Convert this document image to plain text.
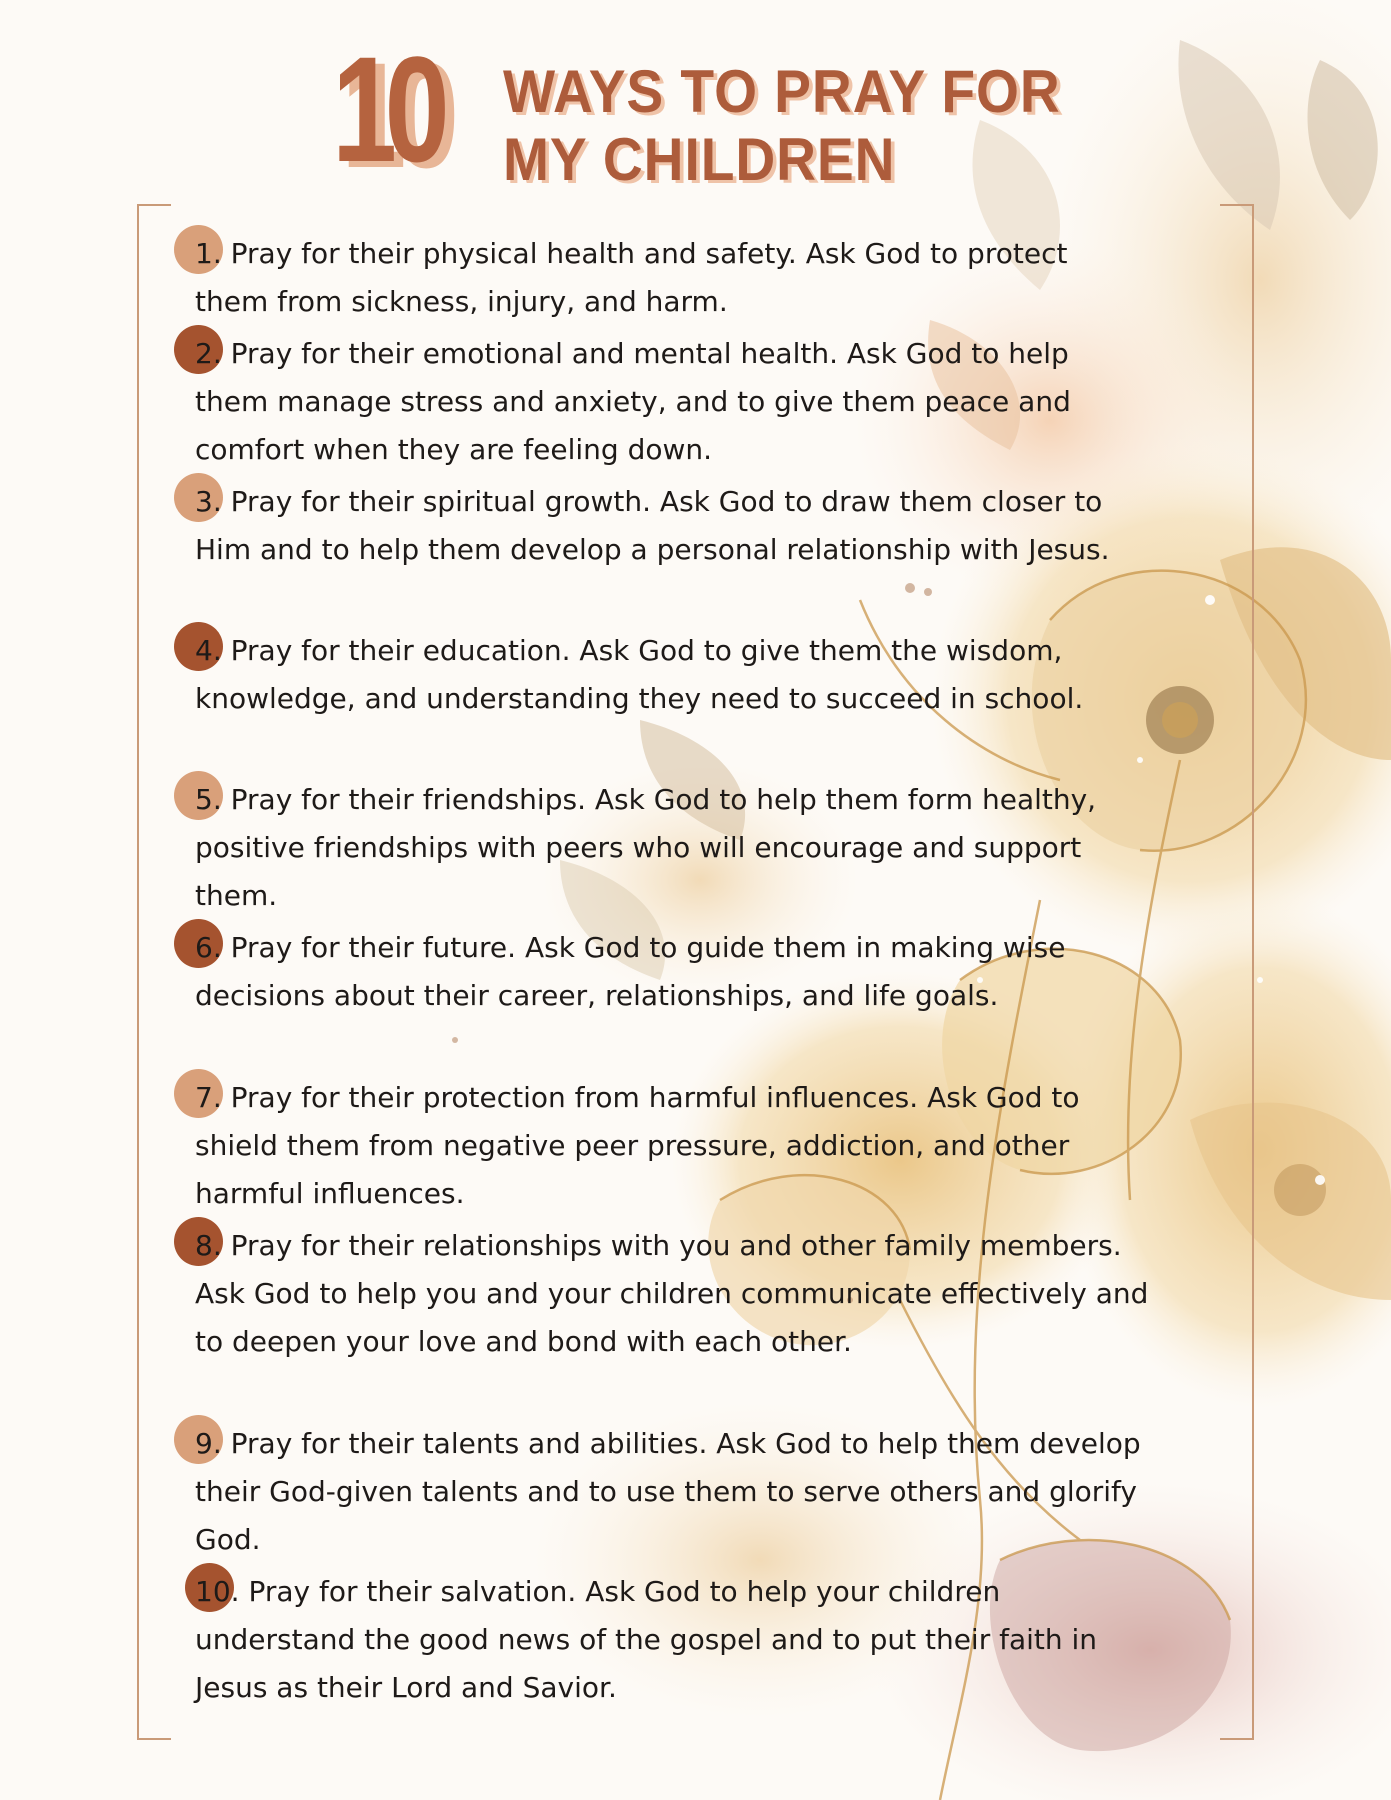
10 WAYS TO PRAY FOR
MY CHILDREN
1. Pray for their physical health and safety. Ask God to protect
them from sickness, injury, and harm.
2. Pray for their emotional and mental health. Ask God to help
them manage stress and anxiety, and to give them peace and
comfort when they are feeling down.
3. Pray for their spiritual growth. Ask God to draw them closer to
Him and to help them develop a personal relationship with Jesus.
4. Pray for their education. Ask God to give them the wisdom,
knowledge, and understanding they need to succeed in school.
5. Pray for their friendships. Ask God to help them form healthy,
positive friendships with peers who will encourage and support
them.
6. Pray for their future. Ask God to guide them in making wise
decisions about their career, relationships, and life goals.
7. Pray for their protection from harmful influences. Ask God to
shield them from negative peer pressure, addiction, and other
harmful influences.
8. Pray for their relationships with you and other family members.
Ask God to help you and your children communicate effectively and
to deepen your love and bond with each other.
9. Pray for their talents and abilities. Ask God to help them develop
their God-given talents and to use them to serve others and glorify
God.
10. Pray for their salvation. Ask God to help your children
understand the good news of the gospel and to put their faith in
Jesus as their Lord and Savior.
